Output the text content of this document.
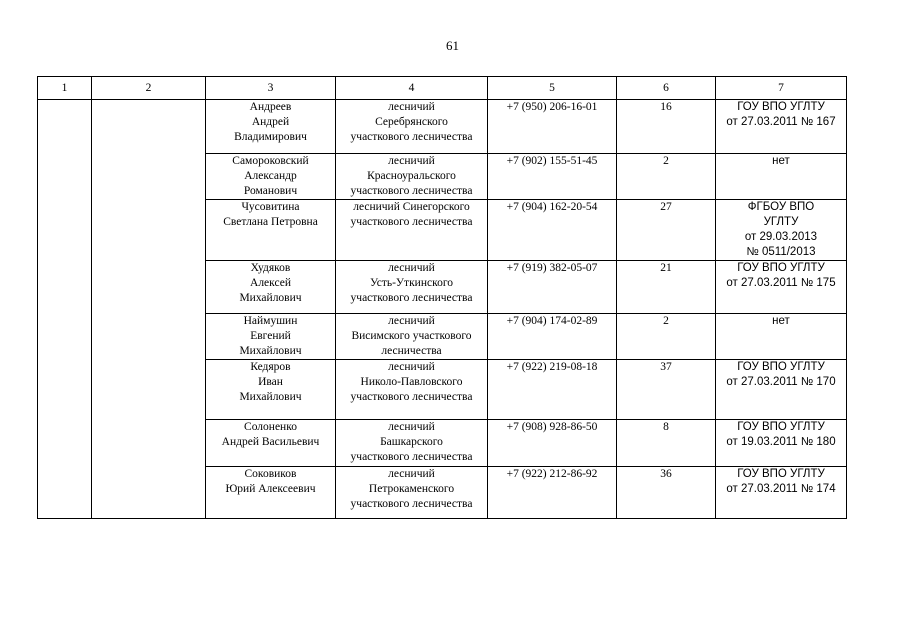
61
1	2	3	4	5	6	7

		Андреев
Андрей
Владимирович	лесничий
Серебрянского
участкового лесничества	+7 (950) 206-16-01	16	ГОУ ВПО УГЛТУ
от 27.03.2011 № 167

		Самороковский
Александр
Романович	лесничий
Красноуральского
участкового лесничества	+7 (902) 155-51-45	2	нет

		Чусовитина
Светлана Петровна	лесничий Синегорского
участкового лесничества	+7 (904) 162-20-54	27	ФГБОУ ВПО
УГЛТУ
от 29.03.2013
№ 0511/2013

		Худяков
Алексей
Михайлович	лесничий
Усть-Уткинского
участкового лесничества	+7 (919) 382-05-07	21	ГОУ ВПО УГЛТУ
от 27.03.2011 № 175

		Наймушин
Евгений
Михайлович	лесничий
Висимского участкового
лесничества	+7 (904) 174-02-89	2	нет

		Кедяров
Иван
Михайлович	лесничий
Николо-Павловского
участкового лесничества	+7 (922) 219-08-18	37	ГОУ ВПО УГЛТУ
от 27.03.2011 № 170

		Солоненко
Андрей Васильевич	лесничий
Башкарского
участкового лесничества	+7 (908) 928-86-50	8	ГОУ ВПО УГЛТУ
от 19.03.2011 № 180

		Соковиков
Юрий Алексеевич	лесничий
Петрокаменского
участкового лесничества	+7 (922) 212-86-92	36	ГОУ ВПО УГЛТУ
от 27.03.2011 № 174
